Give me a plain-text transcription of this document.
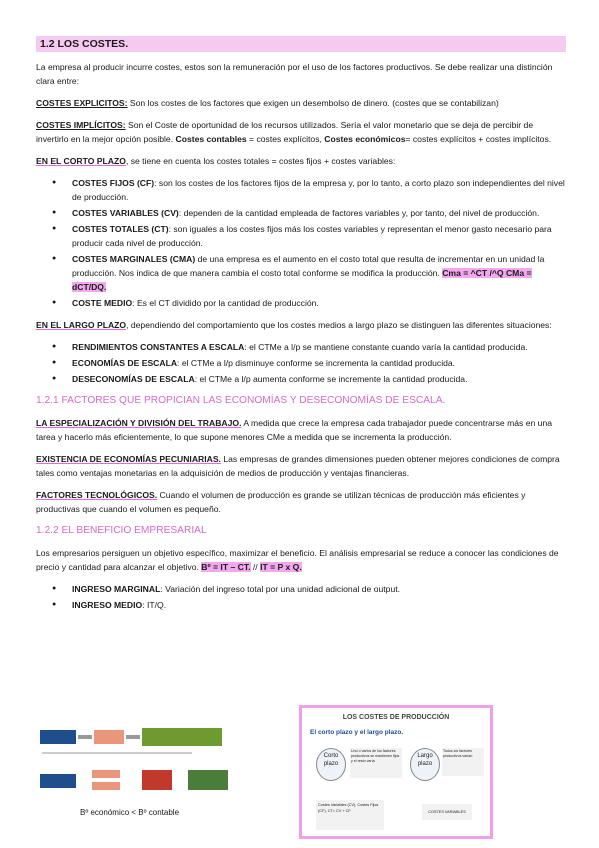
1.2 LOS COSTES.

La empresa al producir incurre costes, estos son la remuneración por el uso de los factores productivos. Se debe realizar una distinción clara entre:

COSTES EXPLICITOS: Son los costes de los factores que exigen un desembolso de dinero. (costes que se contabilizan)

COSTES IMPLÍCITOS: Son el Coste de oportunidad de los recursos utilizados. Sería el valor monetario que se deja de percibir de invertirlo en la mejor opción posible. Costes contables = costes explícitos, Costes económicos= costes explícitos + costes implícitos.

EN EL CORTO PLAZO, se tiene en cuenta los costes totales = costes fijos + costes variables:

● COSTES FIJOS (CF): son los costes de los factores fijos de la empresa y, por lo tanto, a corto plazo son independientes del nivel de producción.
● COSTES VARIABLES (CV): dependen de la cantidad empleada de factores variables y, por tanto, del nivel de producción.
● COSTES TOTALES (CT): son iguales a los costes fijos más los costes variables y representan el menor gasto necesario para producir cada nivel de producción.
● COSTES MARGINALES (CMA) de una empresa es el aumento en el costo total que resulta de incrementar en un unidad la producción. Nos indica de que manera cambia el costo total conforme se modifica la producción. Cma = ^CT /^Q CMa = dCT/DQ.
● COSTE MEDIO: Es el CT dividido por la cantidad de producción.

EN EL LARGO PLAZO, dependiendo del comportamiento que los costes medios a largo plazo se distinguen las diferentes situaciones:

● RENDIMIENTOS CONSTANTES A ESCALA: el CTMe a l/p se mantiene constante cuando varía la cantidad producida.
● ECONOMÍAS DE ESCALA: el CTMe a l/p disminuye conforme se incrementa la cantidad producida.
● DESECONOMÍAS DE ESCALA: el CTMe a l/p aumenta conforme se incremente la cantidad producida.
1.2.1 FACTORES QUE PROPICIAN LAS ECONOMÍAS Y DESECONOMÍAS DE ESCALA.

LA ESPECIALIZACIÓN Y DIVISIÓN DEL TRABAJO. A medida que crece la empresa cada trabajador puede concentrarse más en una tarea y hacerlo más eficientemente, lo que supone menores CMe a medida que se incrementa la producción.

EXISTENCIA DE ECONOMÍAS PECUNIARIAS. Las empresas de grandes dimensiones pueden obtener mejores condiciones de compra tales como ventajas monetarias en la adquisición de medios de producción y ventajas financieras.

FACTORES TECNOLÓGICOS. Cuando el volumen de producción es grande se utilizan técnicas de producción más eficientes y productivas que cuando el volumen es pequeño.

1.2.2 EL BENEFICIO EMPRESARIAL

Los empresarios persiguen un objetivo específico, maximizar el beneficio. El análisis empresarial se reduce a conocer las condiciones de precio y cantidad para alcanzar el objetivo. Bº = IT – CT. // IT = P x Q.

● INGRESO MARGINAL: Variación del ingreso total por una unidad adicional de output.
● INGRESO MEDIO: IT/Q.
Bº económico < Bº contable
LOS COSTES DE PRODUCCIÓN
El corto plazo y el largo plazo.
Corto plazo
Largo plazo
Uno o varios de los factores productivos se mantienen fijos y el resto varía
Todos los factores productivos varían
Costes Variables (CV), Costes Fijos (CF), CT= CV + CF	COSTES VARIABLES
